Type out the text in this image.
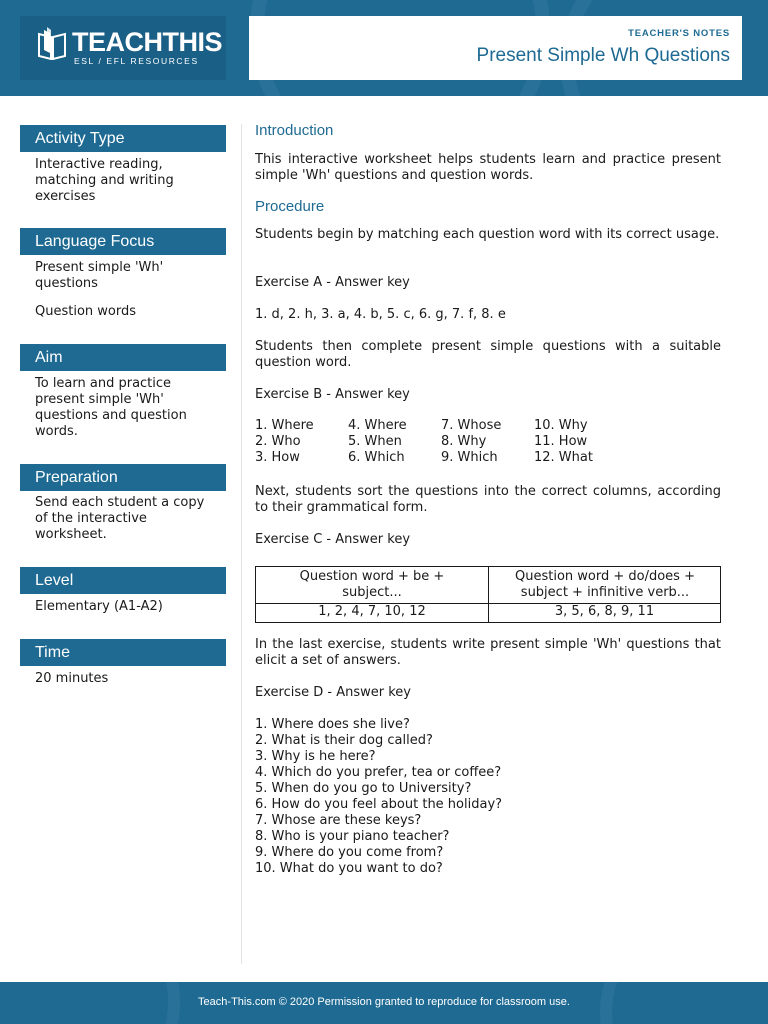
TEACHTHIS
ESL / EFL RESOURCES
TEACHER'S NOTES
Present Simple Wh Questions
Activity Type
Interactive reading, matching and writing exercises
Language Focus
Present simple 'Wh' questions
Question words
Aim
To learn and practice present simple 'Wh' questions and question words.
Preparation
Send each student a copy of the interactive worksheet.
Level
Elementary (A1-A2)
Time
20 minutes
Introduction
This interactive worksheet helps students learn and practice present simple 'Wh' questions and question words.
Procedure
Students begin by matching each question word with its correct usage.
Exercise A - Answer key
1. d, 2. h, 3. a, 4. b, 5. c, 6. g, 7. f, 8. e
Students then complete present simple questions with a suitable question word.
Exercise B - Answer key
1. Where
2. Who
3. How
4. Where
5. When
6. Which
7. Whose
8. Why
9. Which
10. Why
11. How
12. What
Next, students sort the questions into the correct columns, according to their grammatical form.
Exercise C - Answer key
Question word + be + subject...
Question word + do/does + subject + infinitive verb...
1, 2, 4, 7, 10, 12	3, 5, 6, 8, 9, 11
In the last exercise, students write present simple 'Wh' questions that elicit a set of answers.
Exercise D - Answer key
1. Where does she live?
2. What is their dog called?
3. Why is he here?
4. Which do you prefer, tea or coffee?
5. When do you go to University?
6. How do you feel about the holiday?
7. Whose are these keys?
8. Who is your piano teacher?
9. Where do you come from?
10. What do you want to do?
Teach-This.com © 2020 Permission granted to reproduce for classroom use.
